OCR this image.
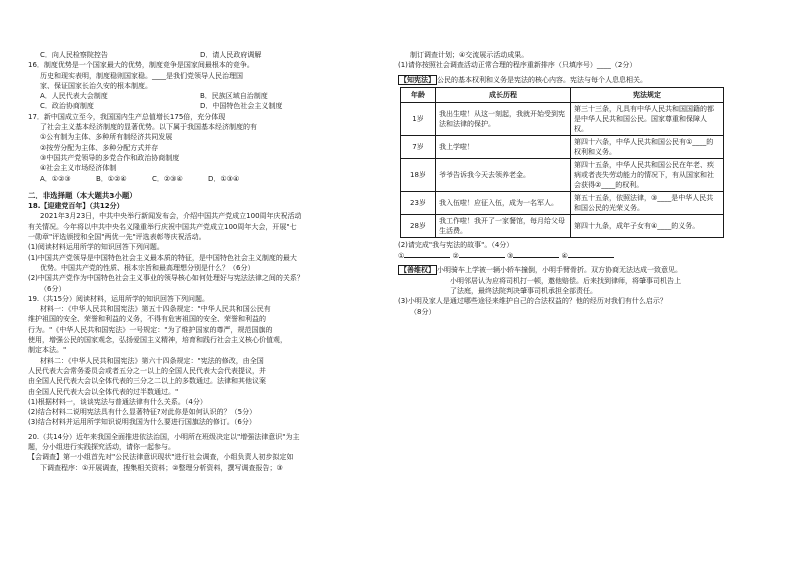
C．向人民检察院控告	D．请人民政府调解
16．制度优势是一个国家最大的优势，制度竞争是国家间最根本的竞争。
历史和现实表明，制度稳则国家稳。____是我们党领导人民治理国
家、保证国家长治久安的根本制度。
A．人民代表大会制度	B．民族区域自治制度
C．政治协商制度	D．中国特色社会主义制度
17．新中国成立至今，我国国内生产总值增长175倍，充分体现
了社会主义基本经济制度的显著优势。以下属于我国基本经济制度的有
①公有制为主体、多种所有制经济共同发展
②按劳分配为主体、多种分配方式并存
③中国共产党领导的多党合作和政治协商制度
④社会主义市场经济体制
A．①②③	B．①②④	C．②③④	D．①③④
二．非选择题（本大题共3小题）
18.【迎建党百年】（共12分）
2021年3月23日，中共中央举行新闻发布会，介绍中国共产党成立100周年庆祝活动
有关情况。今年将以中共中央名义隆重举行庆祝中国共产党成立100周年大会，开展"七
一勋章"评选颁授和全国"两优一先"评选表彰等庆祝活动。
(1)阅读材料运用所学的知识回答下列问题。
(1)中国共产党领导是中国特色社会主义最本质的特征，是中国特色社会主义制度的最大
优势。中国共产党的性质、根本宗旨和最高理想分别是什么？（6分）
(2)中国共产党作为中国特色社会主义事业的领导核心如何处理好与宪法法律之间的关系？
（6分）
19.（共15分）阅读材料，运用所学的知识回答下列问题。
材料一：《中华人民共和国宪法》第五十四条规定："中华人民共和国公民有
维护祖国的安全、荣誉和利益的义务，不得有危害祖国的安全、荣誉和利益的
行为。"《中华人民共和国宪法》一号规定："为了维护国家的尊严，规范国旗的
使用，增强公民的国家观念，弘扬爱国主义精神，培育和践行社会主义核心价值观，
制定本法。"
材料二：《中华人民共和国宪法》第六十四条规定："宪法的修改，由全国
人民代表大会常务委员会或者五分之一以上的全国人民代表大会代表提议，并
由全国人民代表大会以全体代表的三分之二以上的多数通过。法律和其他议案
由全国人民代表大会以全体代表的过半数通过。"
(1)根据材料一，谈谈宪法与普通法律有什么关系。（4分）
(2)结合材料二说明宪法具有什么显著特征?对此你是如何认识的？（5分）
(3)结合材料并运用所学知识说明我国为什么要进行国旗法的修订。（6分）
20.（共14分）近年来我国全面推进依法治国，小明所在班级决定以"增强法律意识"为主
题，分小组进行实践探究活动，请你一起参与。
【会调查】第一小组首先对"公民法律意识现状"进行社会调查，小组负责人初步拟定如
下调查程序：①开展调查，搜集相关资料；②整理分析资料，撰写调查报告；③
制订调查计划；④交流展示活动成果。
(1)请你按照社会调查活动正常合理的程序重新排序（只填序号）____（2分）
【知宪法】 公民的基本权利和义务是宪法的核心内容。宪法与每个人息息相关。
年龄	成长历程	宪法规定
1岁	我出生啦！从这一刻起，我就开始受到宪法和法律的保护。	第三十三条，凡具有中华人民共和国国籍的都是中华人民共和国公民。国家尊重和保障人权。
7岁	我上学啦！	第四十六条，中华人民共和国公民有①____的权利和义务。
18岁	爷爷告诉我今天去领养老金。	第四十五条，中华人民共和国公民在年老、疾病或者丧失劳动能力的情况下，有从国家和社会获得②____的权利。
23岁	我入伍啦！应征入伍，成为一名军人。	第五十五条，依照法律，③____是中华人民共和国公民的光荣义务。
28岁	我工作啦！我开了一家餐馆，每月给父母生活费。	第四十九条，成年子女有④____的义务。
(2)请完成"我与宪法的故事"。（4分）
①	②	③	④
【善维权】 小明骑车上学被一辆小轿车撞倒，小明手臂骨折。双方协商无法达成一致意见。
小明邻居认为应将司机打一顿，邀他赔偿。后来找到律师，将肇事司机告上
了法庭，最终法院判决肇事司机承担全部责任。
(3)小明及家人是通过哪些途径来维护自己的合法权益的？他的经历对我们有什么启示？
（8分）
